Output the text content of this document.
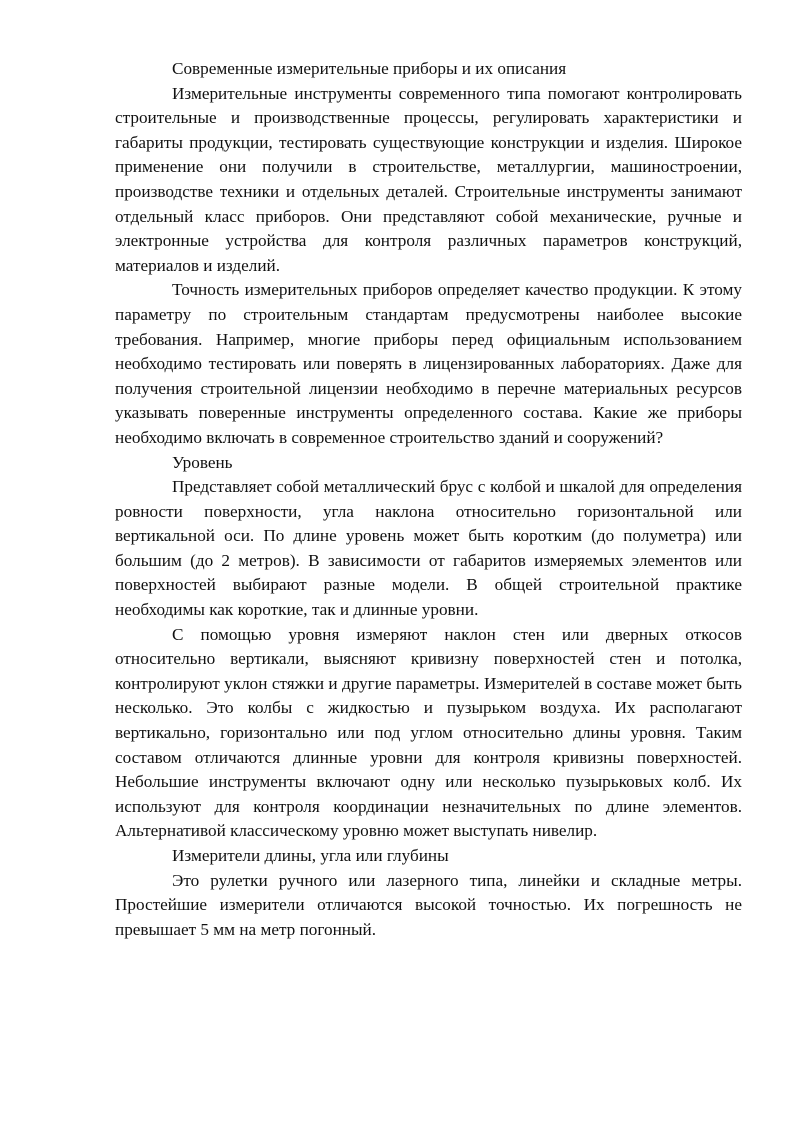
Современные измерительные приборы и их описания

Измерительные инструменты современного типа помогают контролировать строительные и производственные процессы, регулировать характеристики и габариты продукции, тестировать существующие конструкции и изделия. Широкое применение они получили в строительстве, металлургии, машиностроении, производстве техники и отдельных деталей. Строительные инструменты занимают отдельный класс приборов. Они представляют собой механические, ручные и электронные устройства для контроля различных параметров конструкций, материалов и изделий.

Точность измерительных приборов определяет качество продукции. К этому параметру по строительным стандартам предусмотрены наиболее высокие требования. Например, многие приборы перед официальным использованием необходимо тестировать или поверять в лицензированных лабораториях. Даже для получения строительной лицензии необходимо в перечне материальных ресурсов указывать поверенные инструменты определенного состава. Какие же приборы необходимо включать в современное строительство зданий и сооружений?

Уровень

Представляет собой металлический брус с колбой и шкалой для определения ровности поверхности, угла наклона относительно горизонтальной или вертикальной оси. По длине уровень может быть коротким (до полуметра) или большим (до 2 метров). В зависимости от габаритов измеряемых элементов или поверхностей выбирают разные модели. В общей строительной практике необходимы как короткие, так и длинные уровни.

С помощью уровня измеряют наклон стен или дверных откосов относительно вертикали, выясняют кривизну поверхностей стен и потолка, контролируют уклон стяжки и другие параметры. Измерителей в составе может быть несколько. Это колбы с жидкостью и пузырьком воздуха. Их располагают вертикально, горизонтально или под углом относительно длины уровня. Таким составом отличаются длинные уровни для контроля кривизны поверхностей. Небольшие инструменты включают одну или несколько пузырьковых колб. Их используют для контроля координации незначительных по длине элементов. Альтернативой классическому уровню может выступать нивелир.

Измерители длины, угла или глубины

Это рулетки ручного или лазерного типа, линейки и складные метры. Простейшие измерители отличаются высокой точностью. Их погрешность не превышает 5 мм на метр погонный.
